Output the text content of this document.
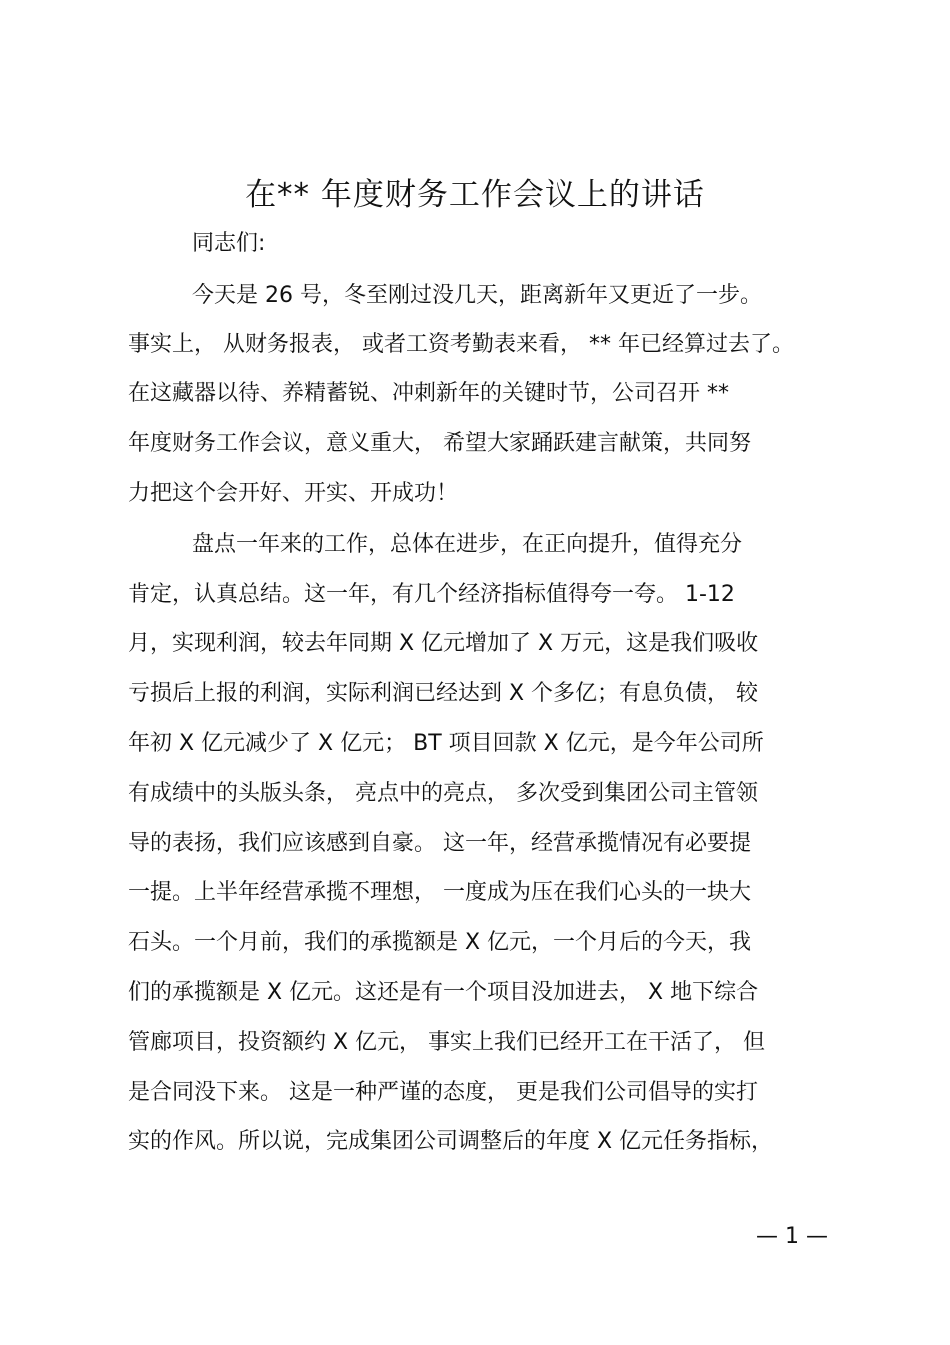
在** 年度财务工作会议上的讲话
同志们:
今天是 26 号，冬至刚过没几天，距离新年又更近了一步。
事实上， 从财务报表， 或者工资考勤表来看， ** 年已经算过去了。
在这藏器以待、养精蓄锐、冲刺新年的关键时节，公司召开 **
年度财务工作会议，意义重大， 希望大家踊跃建言献策，共同努
力把这个会开好、开实、开成功！
盘点一年来的工作，总体在进步，在正向提升，值得充分
肯定，认真总结。这一年，有几个经济指标值得夸一夸。 1-12
月，实现利润，较去年同期 X 亿元增加了 X 万元，这是我们吸收
亏损后上报的利润，实际利润已经达到 X 个多亿；有息负债， 较
年初 X 亿元减少了 X 亿元； BT 项目回款 X 亿元，是今年公司所
有成绩中的头版头条， 亮点中的亮点， 多次受到集团公司主管领
导的表扬，我们应该感到自豪。 这一年，经营承揽情况有必要提
一提。上半年经营承揽不理想， 一度成为压在我们心头的一块大
石头。一个月前，我们的承揽额是 X 亿元，一个月后的今天，我
们的承揽额是 X 亿元。这还是有一个项目没加进去， X 地下综合
管廊项目，投资额约 X 亿元， 事实上我们已经开工在干活了， 但
是合同没下来。 这是一种严谨的态度， 更是我们公司倡导的实打
实的作风。所以说，完成集团公司调整后的年度 X 亿元任务指标，
— 1 —
